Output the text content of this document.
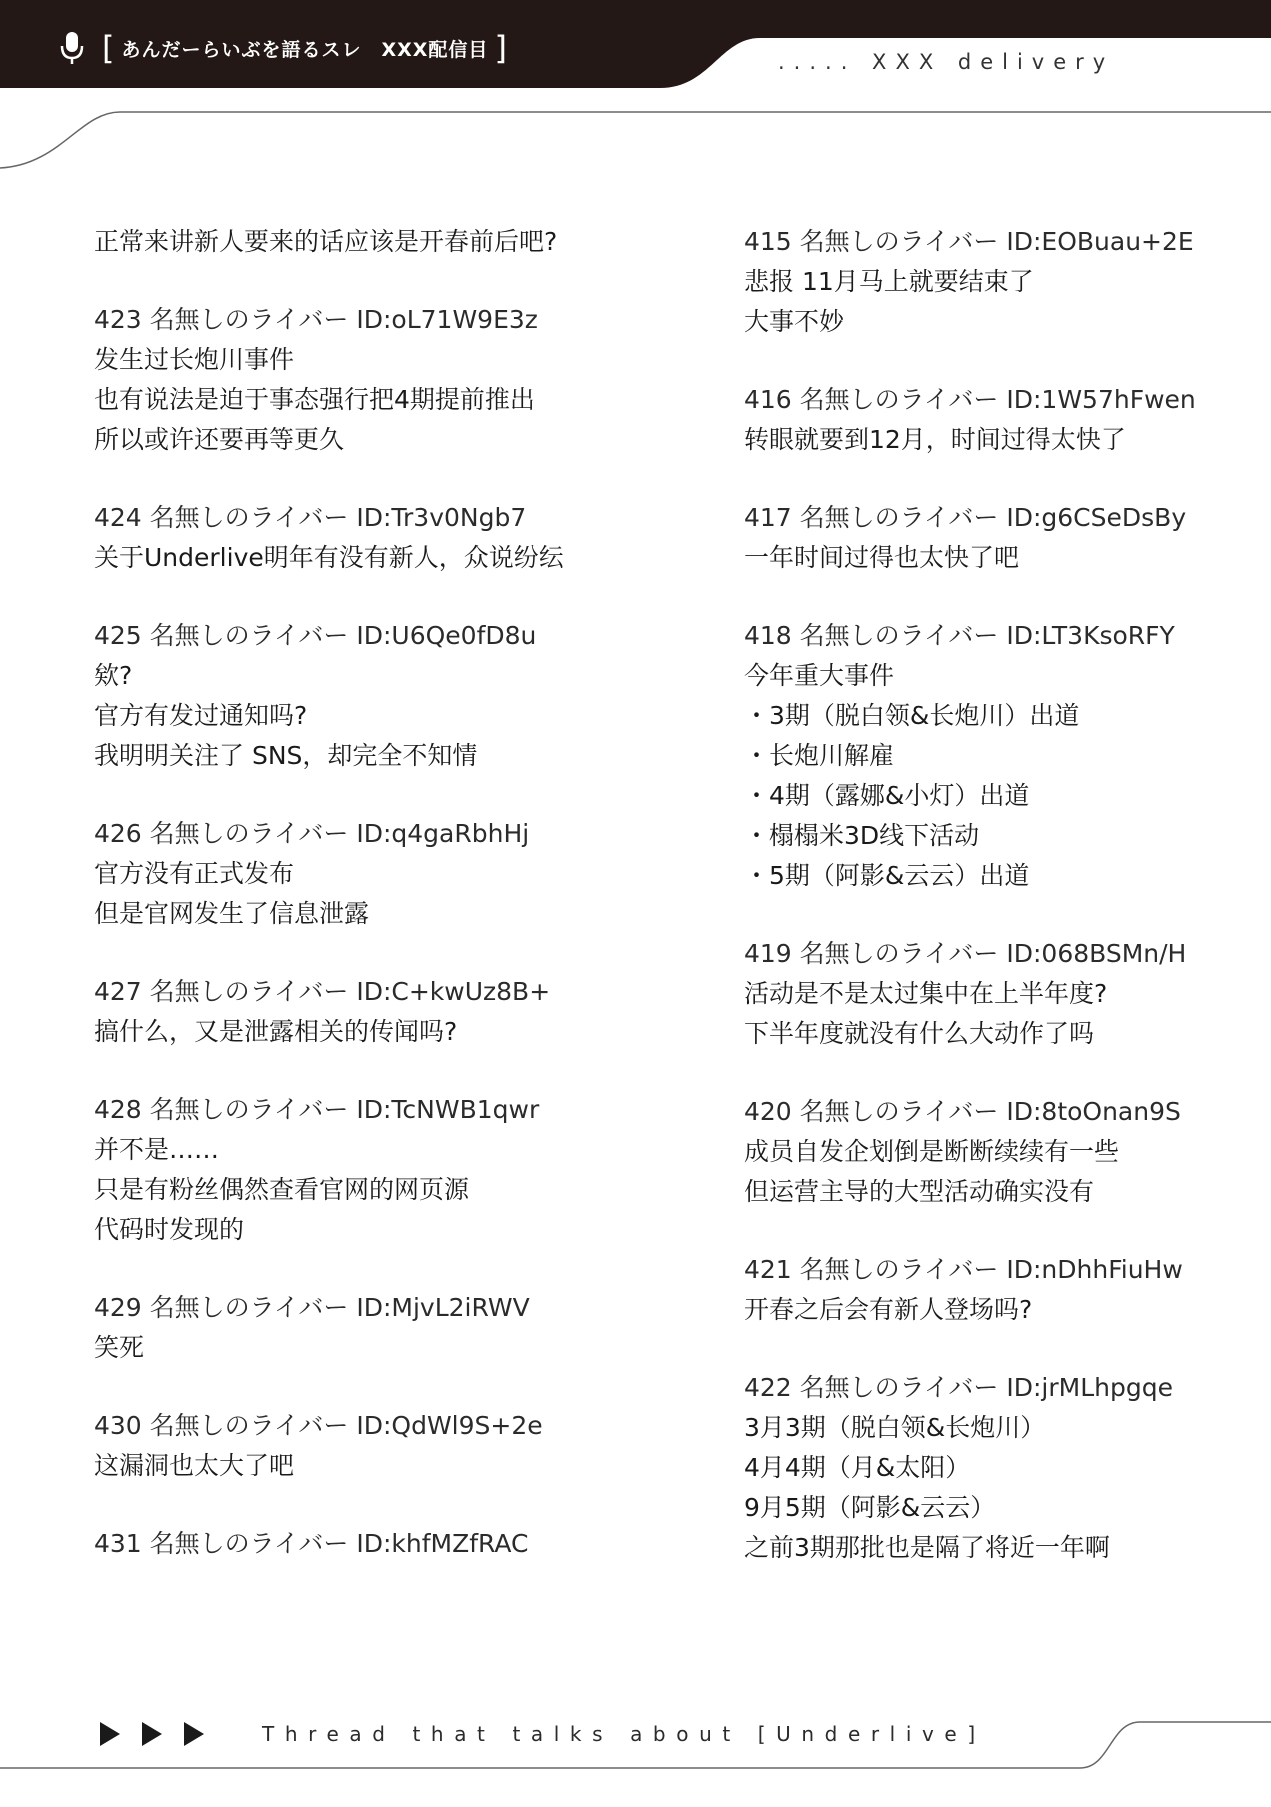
[ あんだーらいぶを語るスレ　XXX配信目 ]	..... XXX delivery
正常来讲新人要来的话应该是开春前后吧?
423 名無しのライバー ID:oL71W9E3z
发生过长炮川事件
也有说法是迫于事态强行把4期提前推出
所以或许还要再等更久
424 名無しのライバー ID:Tr3v0Ngb7
关于Underlive明年有没有新人，众说纷纭
425 名無しのライバー ID:U6Qe0fD8u
欸?
官方有发过通知吗?
我明明关注了 SNS，却完全不知情
426 名無しのライバー ID:q4gaRbhHj
官方没有正式发布
但是官网发生了信息泄露
427 名無しのライバー ID:C+kwUz8B+
搞什么，又是泄露相关的传闻吗?
428 名無しのライバー ID:TcNWB1qwr
并不是……
只是有粉丝偶然查看官网的网页源
代码时发现的
429 名無しのライバー ID:MjvL2iRWV
笑死
430 名無しのライバー ID:QdWl9S+2e
这漏洞也太大了吧
431 名無しのライバー ID:khfMZfRAC
415 名無しのライバー ID:EOBuau+2E
悲报 11月马上就要结束了
大事不妙
416 名無しのライバー ID:1W57hFwen
转眼就要到12月，时间过得太快了
417 名無しのライバー ID:g6CSeDsBy
一年时间过得也太快了吧
418 名無しのライバー ID:LT3KsoRFY
今年重大事件
・3期（脱白领&长炮川）出道
・长炮川解雇
・4期（露娜&小灯）出道
・榻榻米3D线下活动
・5期（阿影&云云）出道
419 名無しのライバー ID:068BSMn/H
活动是不是太过集中在上半年度?
下半年度就没有什么大动作了吗
420 名無しのライバー ID:8toOnan9S
成员自发企划倒是断断续续有一些
但运营主导的大型活动确实没有
421 名無しのライバー ID:nDhhFiuHw
开春之后会有新人登场吗?
422 名無しのライバー ID:jrMLhpgqe
3月3期（脱白领&长炮川）
4月4期（月&太阳）
9月5期（阿影&云云）
之前3期那批也是隔了将近一年啊
Thread that talks about [Underlive]
